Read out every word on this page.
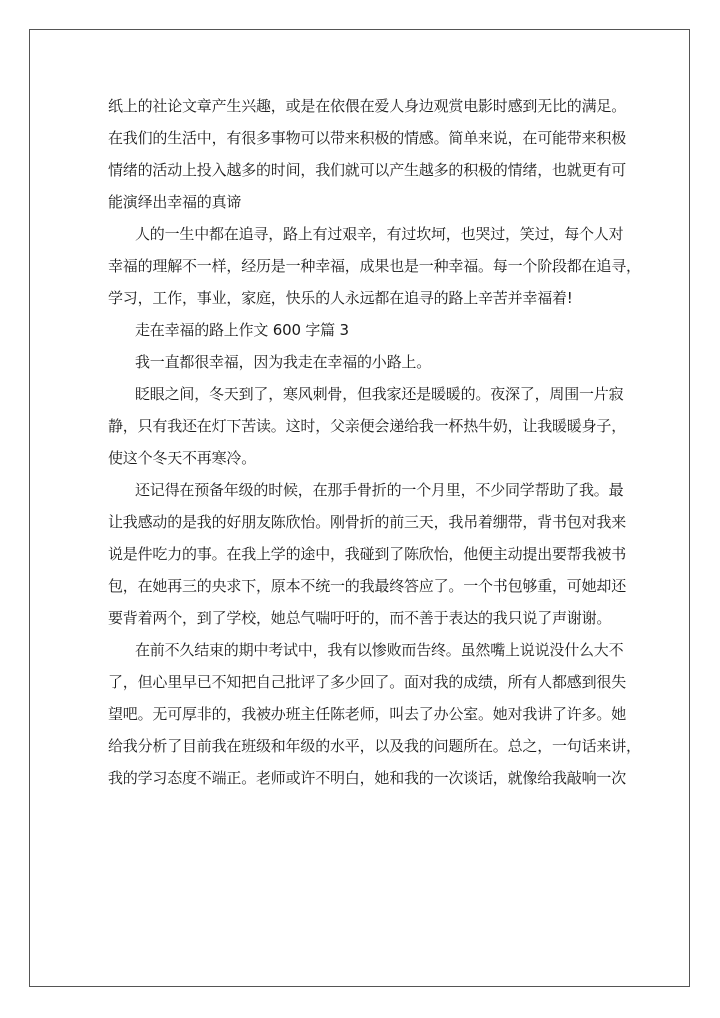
纸上的社论文章产生兴趣，或是在依偎在爱人身边观赏电影时感到无比的满足。
在我们的生活中，有很多事物可以带来积极的情感。简单来说，在可能带来积极
情绪的活动上投入越多的时间，我们就可以产生越多的积极的情绪，也就更有可
能演绎出幸福的真谛
人的一生中都在追寻，路上有过艰辛，有过坎坷，也哭过，笑过，每个人对
幸福的理解不一样，经历是一种幸福，成果也是一种幸福。每一个阶段都在追寻，
学习，工作，事业，家庭，快乐的人永远都在追寻的路上辛苦并幸福着!
走在幸福的路上作文 600 字篇 3
我一直都很幸福，因为我走在幸福的小路上。
眨眼之间，冬天到了，寒风刺骨，但我家还是暖暖的。夜深了，周围一片寂
静，只有我还在灯下苦读。这时，父亲便会递给我一杯热牛奶，让我暖暖身子，
使这个冬天不再寒冷。
还记得在预备年级的时候，在那手骨折的一个月里，不少同学帮助了我。最
让我感动的是我的好朋友陈欣怡。刚骨折的前三天，我吊着绷带，背书包对我来
说是件吃力的事。在我上学的途中，我碰到了陈欣怡，他便主动提出要帮我被书
包，在她再三的央求下，原本不统一的我最终答应了。一个书包够重，可她却还
要背着两个，到了学校，她总气喘吁吁的，而不善于表达的我只说了声谢谢。
在前不久结束的期中考试中，我有以惨败而告终。虽然嘴上说说没什么大不
了，但心里早已不知把自己批评了多少回了。面对我的成绩，所有人都感到很失
望吧。无可厚非的，我被办班主任陈老师，叫去了办公室。她对我讲了许多。她
给我分析了目前我在班级和年级的水平，以及我的问题所在。总之，一句话来讲，
我的学习态度不端正。老师或许不明白，她和我的一次谈话，就像给我敲响一次
